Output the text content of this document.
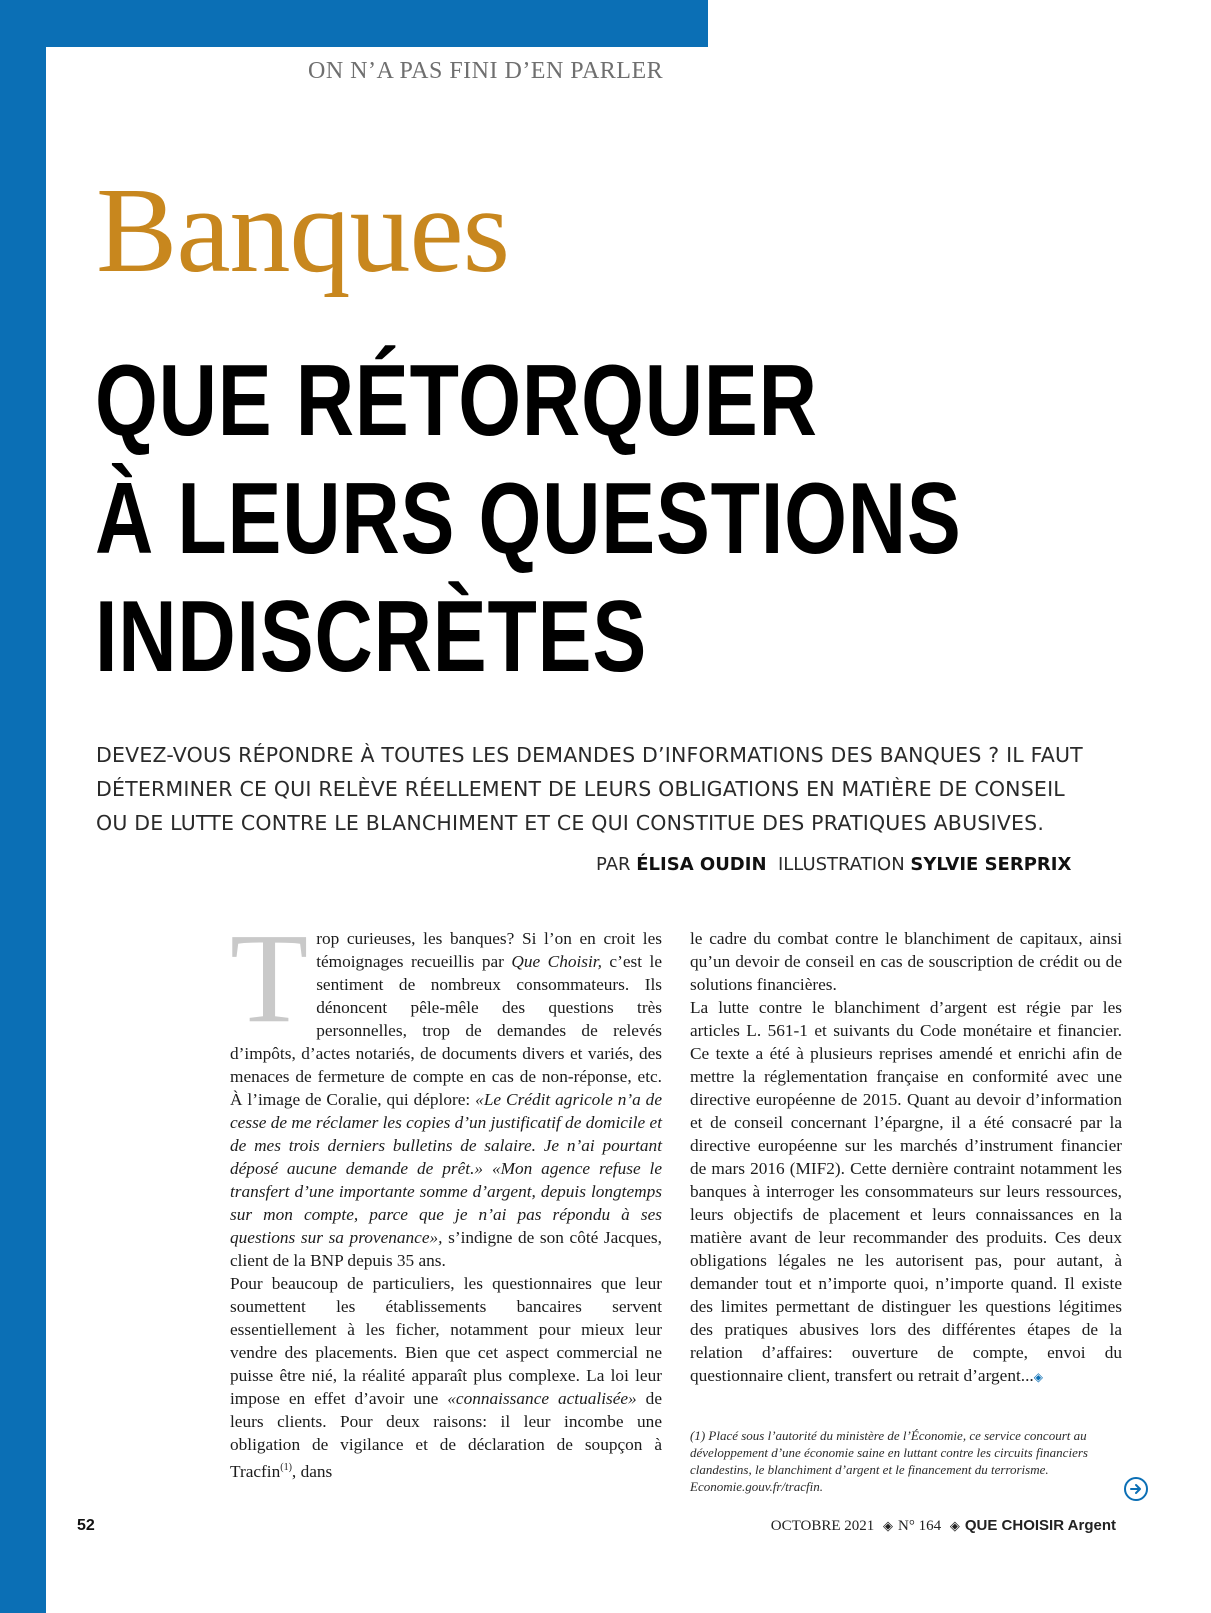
ON N’A PAS FINI D’EN PARLER
Banques
QUE RÉTORQUER
À LEURS QUESTIONS
INDISCRÈTES
DEVEZ-VOUS RÉPONDRE À TOUTES LES DEMANDES D’INFORMATIONS DES BANQUES ? IL FAUT DÉTERMINER CE QUI RELÈVE RÉELLEMENT DE LEURS OBLIGATIONS EN MATIÈRE DE CONSEIL OU DE LUTTE CONTRE LE BLANCHIMENT ET CE QUI CONSTITUE DES PRATIQUES ABUSIVES.
PAR ÉLISA OUDIN ILLUSTRATION SYLVIE SERPRIX

Trop curieuses, les banques? Si l’on en croit les témoignages recueillis par Que Choisir, c’est le sentiment de nombreux consommateurs. Ils dénoncent pêle-mêle des questions très personnelles, trop de demandes de relevés d’impôts, d’actes notariés, de documents divers et variés, des menaces de fermeture de compte en cas de non-réponse, etc. À l’image de Coralie, qui déplore: «Le Crédit agricole n’a de cesse de me réclamer les copies d’un justificatif de domicile et de mes trois derniers bulletins de salaire. Je n’ai pourtant déposé aucune demande de prêt.» «Mon agence refuse le transfert d’une importante somme d’argent, depuis longtemps sur mon compte, parce que je n’ai pas répondu à ses questions sur sa provenance», s’indigne de son côté Jacques, client de la BNP depuis 35 ans.

Pour beaucoup de particuliers, les questionnaires que leur soumettent les établissements bancaires servent essentiellement à les ficher, notamment pour mieux leur vendre des placements. Bien que cet aspect commercial ne puisse être nié, la réalité apparaît plus complexe. La loi leur impose en effet d’avoir une «connaissance actualisée» de leurs clients. Pour deux raisons: il leur incombe une obligation de vigilance et de déclaration de soupçon à Tracfin$^{(1)}$, dans

le cadre du combat contre le blanchiment de capitaux, ainsi qu’un devoir de conseil en cas de souscription de crédit ou de solutions financières.

La lutte contre le blanchiment d’argent est régie par les articles L. 561-1 et suivants du Code monétaire et financier. Ce texte a été à plusieurs reprises amendé et enrichi afin de mettre la réglementation française en conformité avec une directive européenne de 2015. Quant au devoir d’information et de conseil concernant l’épargne, il a été consacré par la directive européenne sur les marchés d’instrument financier de mars 2016 (MIF2). Cette dernière contraint notamment les banques à interroger les consommateurs sur leurs ressources, leurs objectifs de placement et leurs connaissances en la matière avant de leur recommander des produits. Ces deux obligations légales ne les autorisent pas, pour autant, à demander tout et n’importe quoi, n’importe quand. Il existe des limites permettant de distinguer les questions légitimes des pratiques abusives lors des différentes étapes de la relation d’affaires: ouverture de compte, envoi du questionnaire client, transfert ou retrait d’argent...◈

(1) Placé sous l’autorité du ministère de l’Économie, ce service concourt au développement d’une économie saine en luttant contre les circuits financiers clandestins, le blanchiment d’argent et le financement du terrorisme. Economie.gouv.fr/tracfin.
52	OCTOBRE 2021 ◈ N° 164 ◈ QUE CHOISIR Argent
